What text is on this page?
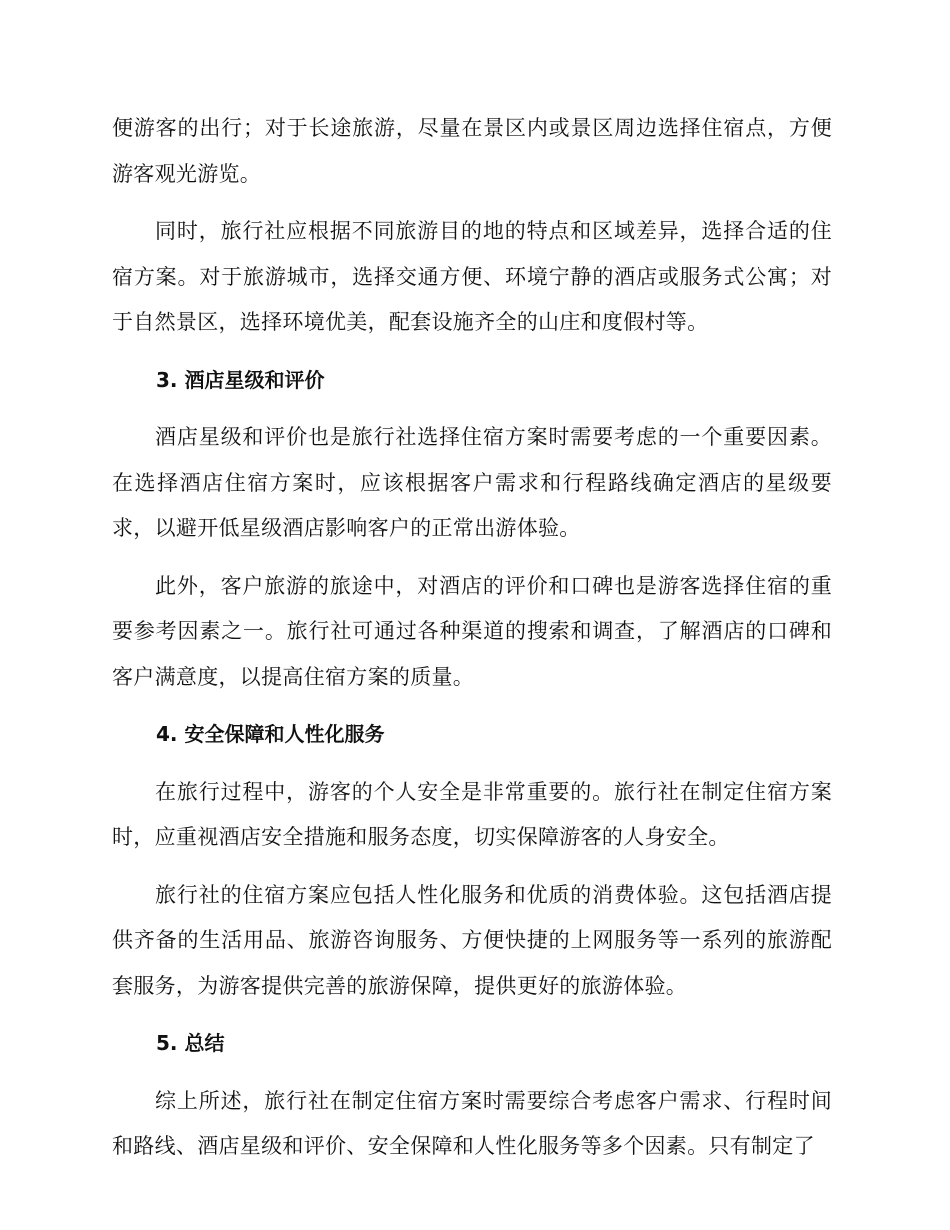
便游客的出行；对于长途旅游，尽量在景区内或景区周边选择住宿点，方便游客观光游览。

同时，旅行社应根据不同旅游目的地的特点和区域差异，选择合适的住宿方案。对于旅游城市，选择交通方便、环境宁静的酒店或服务式公寓；对于自然景区，选择环境优美，配套设施齐全的山庄和度假村等。

3. 酒店星级和评价

酒店星级和评价也是旅行社选择住宿方案时需要考虑的一个重要因素。在选择酒店住宿方案时，应该根据客户需求和行程路线确定酒店的星级要求，以避开低星级酒店影响客户的正常出游体验。

此外，客户旅游的旅途中，对酒店的评价和口碑也是游客选择住宿的重要参考因素之一。旅行社可通过各种渠道的搜索和调查，了解酒店的口碑和客户满意度，以提高住宿方案的质量。

4. 安全保障和人性化服务

在旅行过程中，游客的个人安全是非常重要的。旅行社在制定住宿方案时，应重视酒店安全措施和服务态度，切实保障游客的人身安全。

旅行社的住宿方案应包括人性化服务和优质的消费体验。这包括酒店提供齐备的生活用品、旅游咨询服务、方便快捷的上网服务等一系列的旅游配套服务，为游客提供完善的旅游保障，提供更好的旅游体验。

5. 总结

综上所述，旅行社在制定住宿方案时需要综合考虑客户需求、行程时间和路线、酒店星级和评价、安全保障和人性化服务等多个因素。只有制定了
